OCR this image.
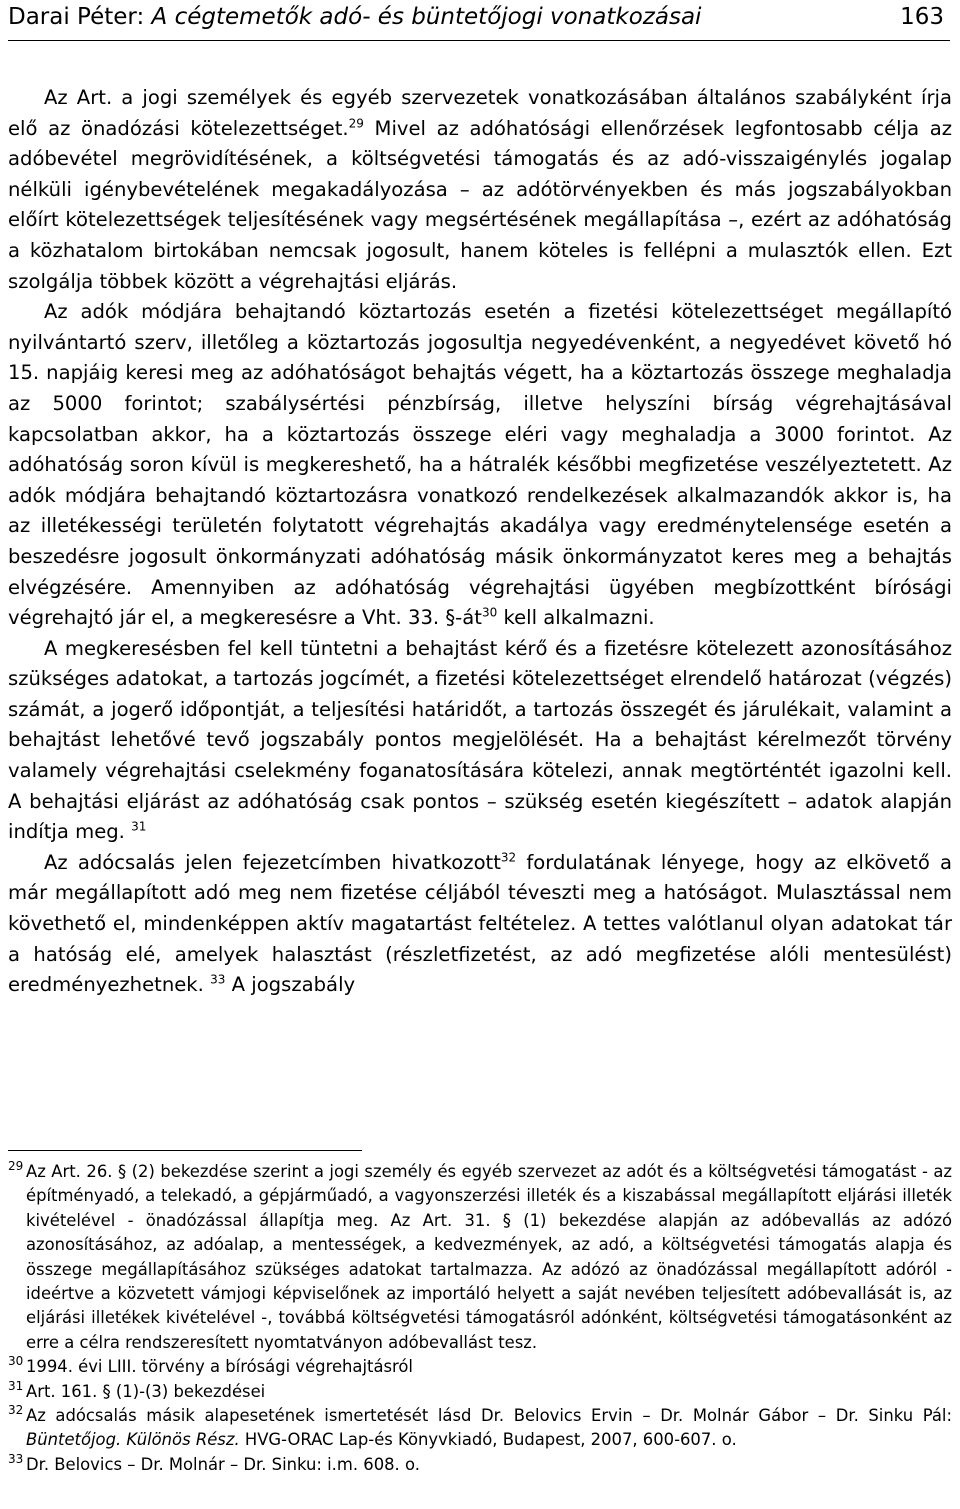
Darai Péter: A cégtemetők adó- és büntetőjogi vonatkozásai	163

Az Art. a jogi személyek és egyéb szervezetek vonatkozásában általános szabályként írja elő az önadózási kötelezettséget.$^{29}$ Mivel az adóhatósági ellenőrzések legfontosabb célja az adóbevétel megrövidítésének, a költségvetési támogatás és az adó-visszaigénylés jogalap nélküli igénybevételének megakadályozása – az adótörvényekben és más jogszabályokban előírt kötelezettségek teljesítésének vagy megsértésének megállapítása –, ezért az adóhatóság a közhatalom birtokában nemcsak jogosult, hanem köteles is fellépni a mulasztók ellen. Ezt szolgálja többek között a végrehajtási eljárás.

Az adók módjára behajtandó köztartozás esetén a fizetési kötelezettséget megállapító nyilvántartó szerv, illetőleg a köztartozás jogosultja negyedévenként, a negyedévet követő hó 15. napjáig keresi meg az adóhatóságot behajtás végett, ha a köztartozás összege meghaladja az 5000 forintot; szabálysértési pénzbírság, illetve helyszíni bírság végrehajtásával kapcsolatban akkor, ha a köztartozás összege eléri vagy meghaladja a 3000 forintot. Az adóhatóság soron kívül is megkereshető, ha a hátralék későbbi megfizetése veszélyeztetett. Az adók módjára behajtandó köztartozásra vonatkozó rendelkezések alkalmazandók akkor is, ha az illetékességi területén folytatott végrehajtás akadálya vagy eredménytelensége esetén a beszedésre jogosult önkormányzati adóhatóság másik önkormányzatot keres meg a behajtás elvégzésére. Amennyiben az adóhatóság végrehajtási ügyében megbízottként bírósági végrehajtó jár el, a megkeresésre a Vht. 33. $\S-át^{30}$ kell alkalmazni.

A megkeresésben fel kell tüntetni a behajtást kérő és a fizetésre kötelezett azonosításához szükséges adatokat, a tartozás jogcímét, a fizetési kötelezettséget elrendelő határozat (végzés) számát, a jogerő időpontját, a teljesítési határidőt, a tartozás összegét és járulékait, valamint a behajtást lehetővé tevő jogszabály pontos megjelölését. Ha a behajtást kérelmezőt törvény valamely végrehajtási cselekmény foganatosítására kötelezi, annak megtörténtét igazolni kell. A behajtási eljárást az adóhatóság csak pontos – szükség esetén kiegészített – adatok alapján indítja meg. $^{31}$

Az adócsalás jelen fejezetcímben hivatkozott$^{32}$ fordulatának lényege, hogy az elkövető a már megállapított adó meg nem fizetése céljából téveszti meg a hatóságot. Mulasztással nem követhető el, mindenképpen aktív magatartást feltételez. A tettes valótlanul olyan adatokat tár a hatóság elé, amelyek halasztást (részletfizetést, az adó megfizetése alóli mentesülést) eredményezhetnek. $^{33}$ A jogszabály

29 Az Art. 26. § (2) bekezdése szerint a jogi személy és egyéb szervezet az adót és a költségvetési támogatást - az építményadó, a telekadó, a gépjárműadó, a vagyonszerzési illeték és a kiszabással megállapított eljárási illeték kivételével - önadózással állapítja meg. Az Art. 31. § (1) bekezdése alapján az adóbevallás az adózó azonosításához, az adóalap, a mentességek, a kedvezmények, az adó, a költségvetési támogatás alapja és összege megállapításához szükséges adatokat tartalmazza. Az adózó az önadózással megállapított adóról - ideértve a közvetett vámjogi képviselőnek az importáló helyett a saját nevében teljesített adóbevallását is, az eljárási illetékek kivételével -, továbbá költségvetési támogatásról adónként, költségvetési támogatásonként az erre a célra rendszeresített nyomtatványon adóbevallást tesz.

30 1994. évi LIII. törvény a bírósági végrehajtásról

31 Art. 161. § (1)-(3) bekezdései

32 Az adócsalás másik alapesetének ismertetését lásd Dr. Belovics Ervin – Dr. Molnár Gábor – Dr. Sinku Pál: Büntetőjog. Különös Rész. HVG-ORAC Lap-és Könyvkiadó, Budapest, 2007, 600-607. o.

33 Dr. Belovics – Dr. Molnár – Dr. Sinku: i.m. 608. o.
